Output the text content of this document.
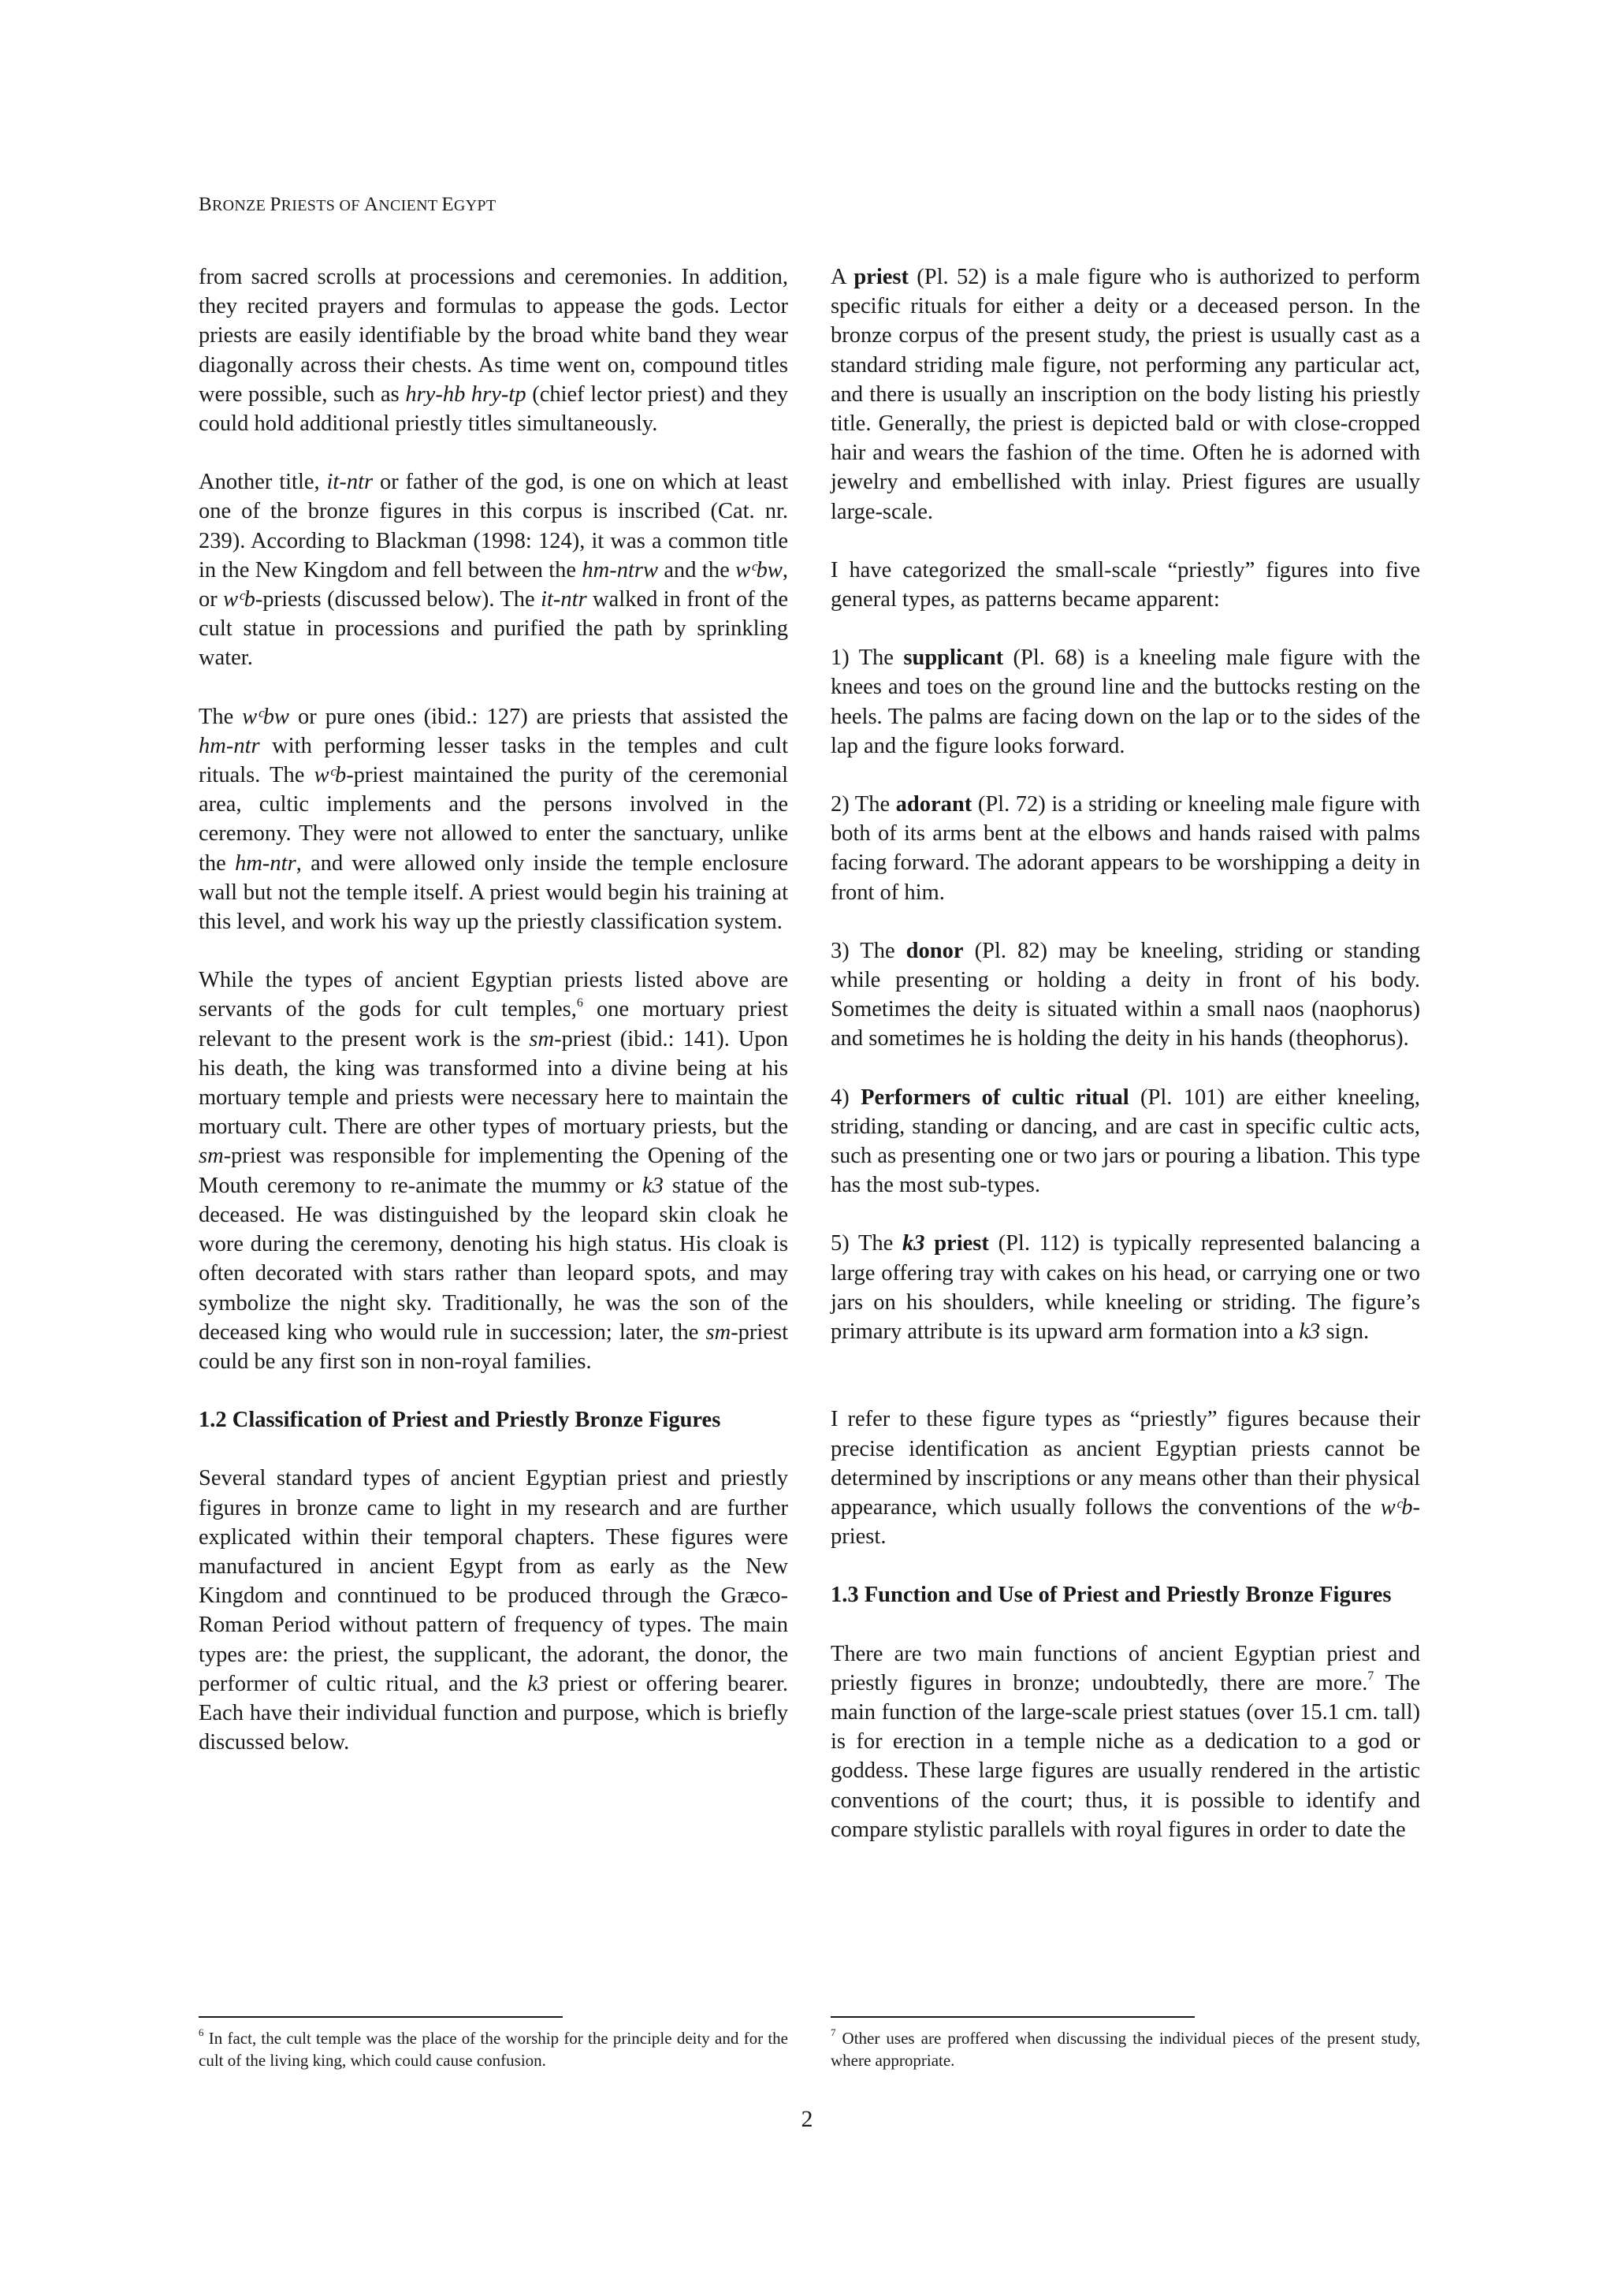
BRONZE PRIESTS OF ANCIENT EGYPT

from sacred scrolls at processions and ceremonies. In addition, they recited prayers and formulas to appease the gods. Lector priests are easily identifiable by the broad white band they wear diagonally across their chests. As time went on, compound titles were possible, such as hry-hb hry-tp (chief lector priest) and they could hold additional priestly titles simultaneously.

Another title, it-ntr or father of the god, is one on which at least one of the bronze figures in this corpus is inscribed (Cat. nr. 239). According to Blackman (1998: 124), it was a common title in the New Kingdom and fell between the hm-ntrw and the wᶜbw, or wᶜb-priests (discussed below). The it-ntr walked in front of the cult statue in processions and purified the path by sprinkling water.

The wᶜbw or pure ones (ibid.: 127) are priests that assisted the hm-ntr with performing lesser tasks in the temples and cult rituals. The wᶜb-priest maintained the purity of the ceremonial area, cultic implements and the persons involved in the ceremony. They were not allowed to enter the sanctuary, unlike the hm-ntr, and were allowed only inside the temple enclosure wall but not the temple itself. A priest would begin his training at this level, and work his way up the priestly classification system.

While the types of ancient Egyptian priests listed above are servants of the gods for cult temples,$^6$ one mortuary priest relevant to the present work is the sm-priest (ibid.: 141). Upon his death, the king was transformed into a divine being at his mortuary temple and priests were necessary here to maintain the mortuary cult. There are other types of mortuary priests, but the sm-priest was responsible for implementing the Opening of the Mouth ceremony to re-animate the mummy or k3 statue of the deceased. He was distinguished by the leopard skin cloak he wore during the ceremony, denoting his high status. His cloak is often decorated with stars rather than leopard spots, and may symbolize the night sky. Traditionally, he was the son of the deceased king who would rule in succession; later, the sm-priest could be any first son in non-royal families.

1.2 Classification of Priest and Priestly Bronze Figures

Several standard types of ancient Egyptian priest and priestly figures in bronze came to light in my research and are further explicated within their temporal chapters. These figures were manufactured in ancient Egypt from as early as the New Kingdom and conntinued to be produced through the Græco-Roman Period without pattern of frequency of types. The main types are: the priest, the supplicant, the adorant, the donor, the performer of cultic ritual, and the k3 priest or offering bearer. Each have their individual function and purpose, which is briefly discussed below.

A priest (Pl. 52) is a male figure who is authorized to perform specific rituals for either a deity or a deceased person. In the bronze corpus of the present study, the priest is usually cast as a standard striding male figure, not performing any particular act, and there is usually an inscription on the body listing his priestly title. Generally, the priest is depicted bald or with close-cropped hair and wears the fashion of the time. Often he is adorned with jewelry and embellished with inlay. Priest figures are usually large-scale.

I have categorized the small-scale “priestly” figures into five general types, as patterns became apparent:

1) The supplicant (Pl. 68) is a kneeling male figure with the knees and toes on the ground line and the buttocks resting on the heels. The palms are facing down on the lap or to the sides of the lap and the figure looks forward.

2) The adorant (Pl. 72) is a striding or kneeling male figure with both of its arms bent at the elbows and hands raised with palms facing forward. The adorant appears to be worshipping a deity in front of him.

3) The donor (Pl. 82) may be kneeling, striding or standing while presenting or holding a deity in front of his body. Sometimes the deity is situated within a small naos (naophorus) and sometimes he is holding the deity in his hands (theophorus).

4) Performers of cultic ritual (Pl. 101) are either kneeling, striding, standing or dancing, and are cast in specific cultic acts, such as presenting one or two jars or pouring a libation. This type has the most sub-types.

5) The k3 priest (Pl. 112) is typically represented balancing a large offering tray with cakes on his head, or carrying one or two jars on his shoulders, while kneeling or striding. The figure’s primary attribute is its upward arm formation into a k3 sign.

I refer to these figure types as “priestly” figures because their precise identification as ancient Egyptian priests cannot be determined by inscriptions or any means other than their physical appearance, which usually follows the conventions of the wᶜb-priest.

1.3 Function and Use of Priest and Priestly Bronze Figures

There are two main functions of ancient Egyptian priest and priestly figures in bronze; undoubtedly, there are more.$^7$ The main function of the large-scale priest statues (over 15.1 cm. tall) is for erection in a temple niche as a dedication to a god or goddess. These large figures are usually rendered in the artistic conventions of the court; thus, it is possible to identify and compare stylistic parallels with royal figures in order to date the

$^6$ In fact, the cult temple was the place of the worship for the principle deity and for the cult of the living king, which could cause confusion.
$^7$ Other uses are proffered when discussing the individual pieces of the present study, where appropriate.
2
